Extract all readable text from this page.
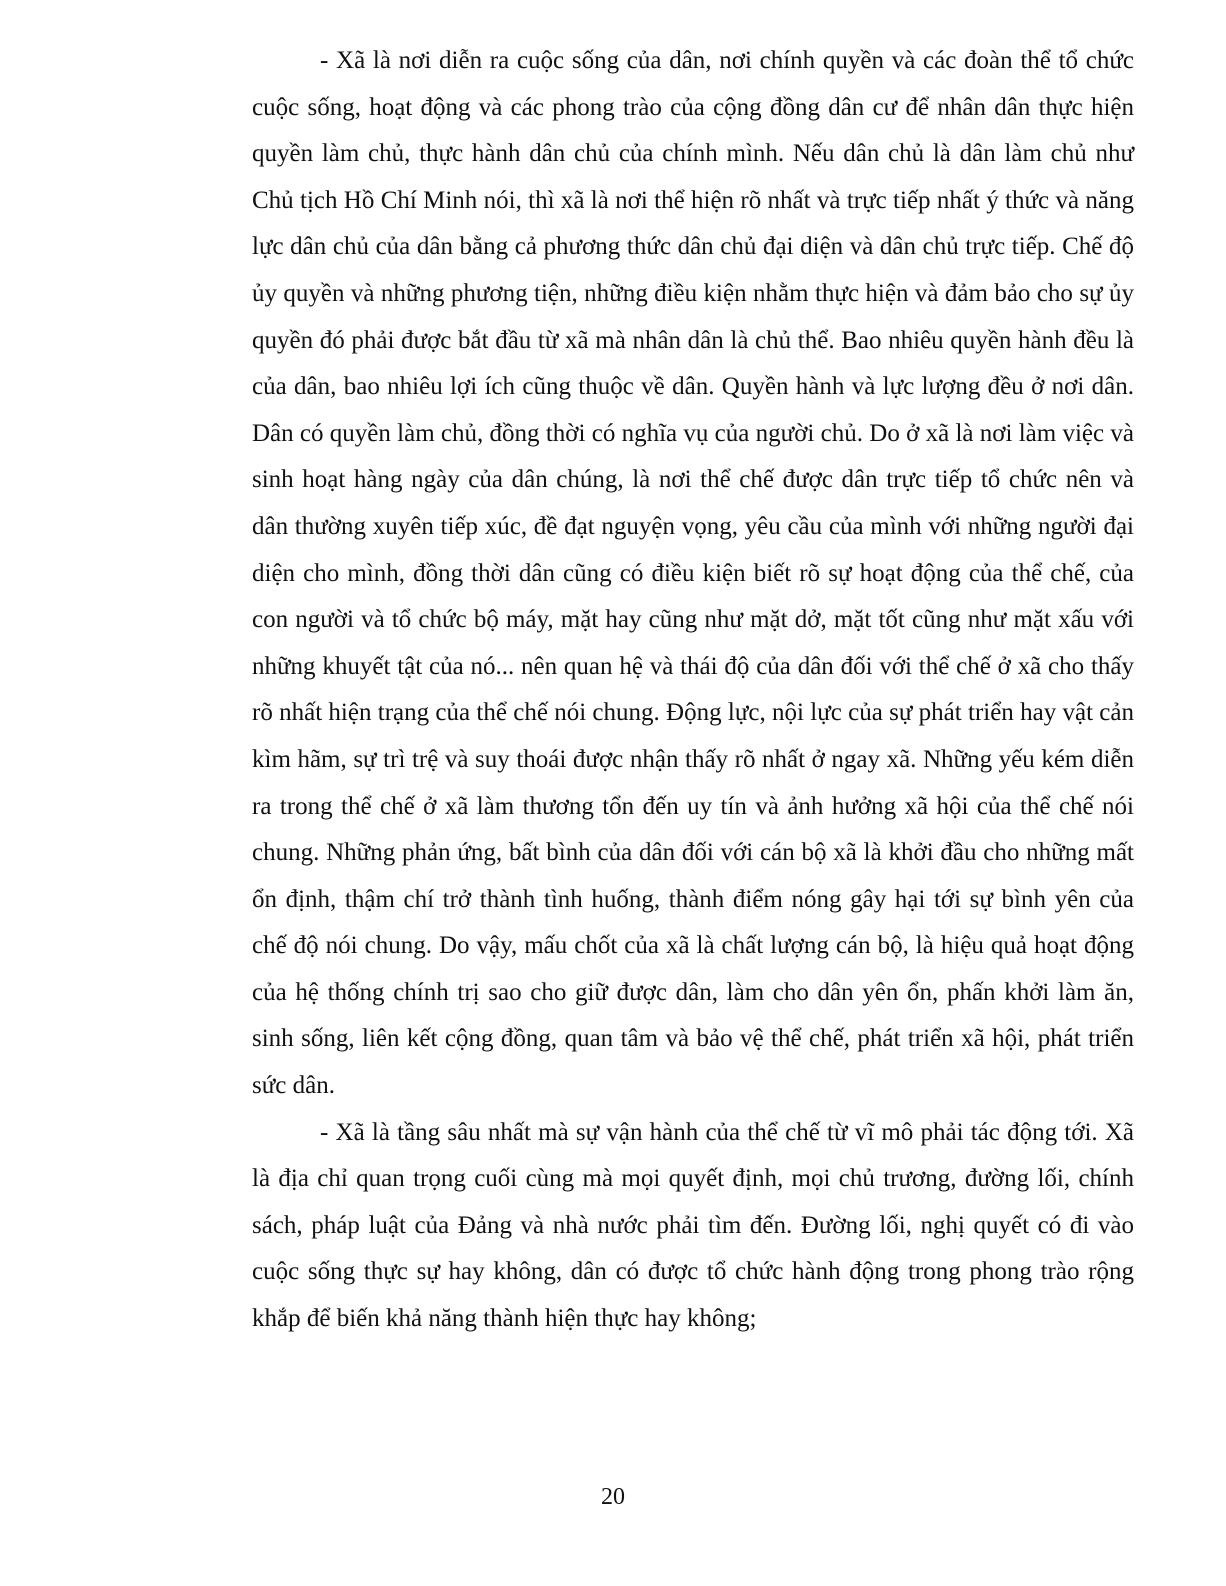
- Xã là nơi diễn ra cuộc sống của dân, nơi chính quyền và các đoàn thể tổ chức cuộc sống, hoạt động và các phong trào của cộng đồng dân cư để nhân dân thực hiện quyền làm chủ, thực hành dân chủ của chính mình. Nếu dân chủ là dân làm chủ như Chủ tịch Hồ Chí Minh nói, thì xã là nơi thể hiện rõ nhất và trực tiếp nhất ý thức và năng lực dân chủ của dân bằng cả phương thức dân chủ đại diện và dân chủ trực tiếp. Chế độ ủy quyền và những phương tiện, những điều kiện nhằm thực hiện và đảm bảo cho sự ủy quyền đó phải được bắt đầu từ xã mà nhân dân là chủ thể. Bao nhiêu quyền hành đều là của dân, bao nhiêu lợi ích cũng thuộc về dân. Quyền hành và lực lượng đều ở nơi dân. Dân có quyền làm chủ, đồng thời có nghĩa vụ của người chủ. Do ở xã là nơi làm việc và sinh hoạt hàng ngày của dân chúng, là nơi thể chế được dân trực tiếp tổ chức nên và dân thường xuyên tiếp xúc, đề đạt nguyện vọng, yêu cầu của mình với những người đại diện cho mình, đồng thời dân cũng có điều kiện biết rõ sự hoạt động của thể chế, của con người và tổ chức bộ máy, mặt hay cũng như mặt dở, mặt tốt cũng như mặt xấu với những khuyết tật của nó... nên quan hệ và thái độ của dân đối với thể chế ở xã cho thấy rõ nhất hiện trạng của thể chế nói chung. Động lực, nội lực của sự phát triển hay vật cản kìm hãm, sự trì trệ và suy thoái được nhận thấy rõ nhất ở ngay xã. Những yếu kém diễn ra trong thể chế ở xã làm thương tổn đến uy tín và ảnh hưởng xã hội của thể chế nói chung. Những phản ứng, bất bình của dân đối với cán bộ xã là khởi đầu cho những mất ổn định, thậm chí trở thành tình huống, thành điểm nóng gây hại tới sự bình yên của chế độ nói chung. Do vậy, mấu chốt của xã là chất lượng cán bộ, là hiệu quả hoạt động của hệ thống chính trị sao cho giữ được dân, làm cho dân yên ổn, phấn khởi làm ăn, sinh sống, liên kết cộng đồng, quan tâm và bảo vệ thể chế, phát triển xã hội, phát triển sức dân.

- Xã là tầng sâu nhất mà sự vận hành của thể chế từ vĩ mô phải tác động tới. Xã là địa chỉ quan trọng cuối cùng mà mọi quyết định, mọi chủ trương, đường lối, chính sách, pháp luật của Đảng và nhà nước phải tìm đến. Đường lối, nghị quyết có đi vào cuộc sống thực sự hay không, dân có được tổ chức hành động trong phong trào rộng khắp để biến khả năng thành hiện thực hay không;

20
